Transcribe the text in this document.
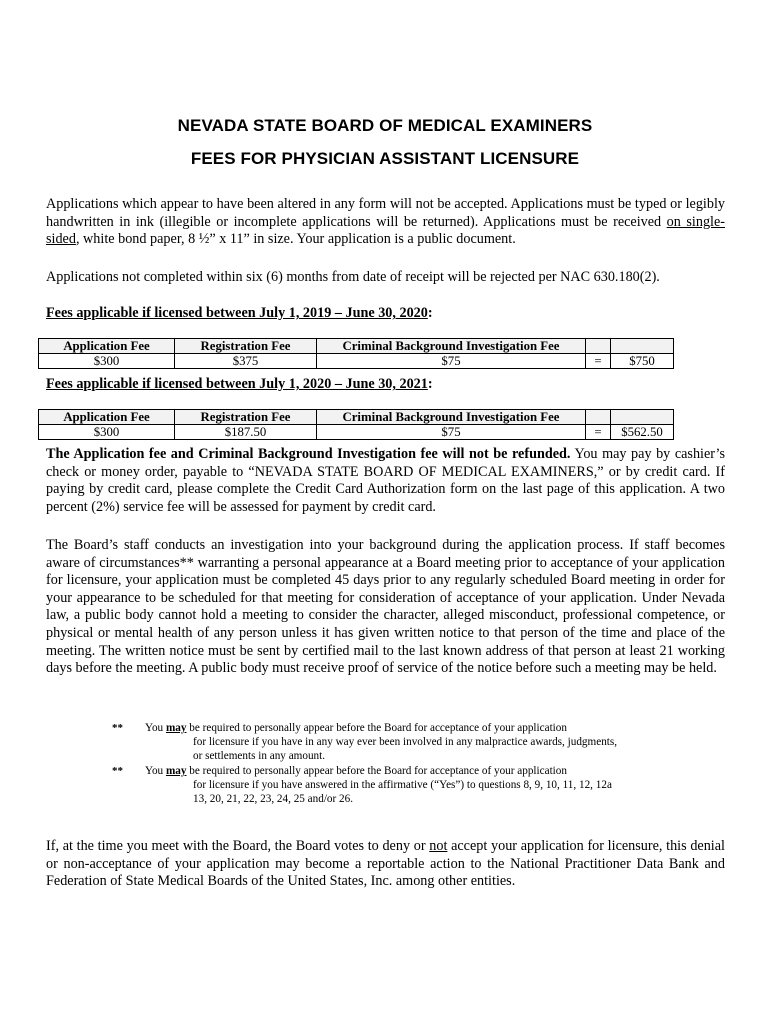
NEVADA STATE BOARD OF MEDICAL EXAMINERS
FEES FOR PHYSICIAN ASSISTANT LICENSURE
Applications which appear to have been altered in any form will not be accepted. Applications must be typed or legibly handwritten in ink (illegible or incomplete applications will be returned). Applications must be received on single-sided, white bond paper, 8 ½” x 11” in size. Your application is a public document.
Applications not completed within six (6) months from date of receipt will be rejected per NAC 630.180(2).
Fees applicable if licensed between July 1, 2019 – June 30, 2020:
Application Fee	Registration Fee	Criminal Background Investigation Fee		
$300	$375	$75	=	$750
Fees applicable if licensed between July 1, 2020 – June 30, 2021:
Application Fee	Registration Fee	Criminal Background Investigation Fee		
$300	$187.50	$75	=	$562.50
The Application fee and Criminal Background Investigation fee will not be refunded. You may pay by cashier’s check or money order, payable to “NEVADA STATE BOARD OF MEDICAL EXAMINERS,” or by credit card. If paying by credit card, please complete the Credit Card Authorization form on the last page of this application. A two percent (2%) service fee will be assessed for payment by credit card.
The Board’s staff conducts an investigation into your background during the application process. If staff becomes aware of circumstances** warranting a personal appearance at a Board meeting prior to acceptance of your application for licensure, your application must be completed 45 days prior to any regularly scheduled Board meeting in order for your appearance to be scheduled for that meeting for consideration of acceptance of your application. Under Nevada law, a public body cannot hold a meeting to consider the character, alleged misconduct, professional competence, or physical or mental health of any person unless it has given written notice to that person of the time and place of the meeting. The written notice must be sent by certified mail to the last known address of that person at least 21 working days before the meeting. A public body must receive proof of service of the notice before such a meeting may be held.
** You may be required to personally appear before the Board for acceptance of your application
for licensure if you have in any way ever been involved in any malpractice awards, judgments,
or settlements in any amount.
** You may be required to personally appear before the Board for acceptance of your application
for licensure if you have answered in the affirmative (“Yes”) to questions 8, 9, 10, 11, 12, 12a
13, 20, 21, 22, 23, 24, 25 and/or 26.
If, at the time you meet with the Board, the Board votes to deny or not accept your application for licensure, this denial or non-acceptance of your application may become a reportable action to the National Practitioner Data Bank and Federation of State Medical Boards of the United States, Inc. among other entities.
